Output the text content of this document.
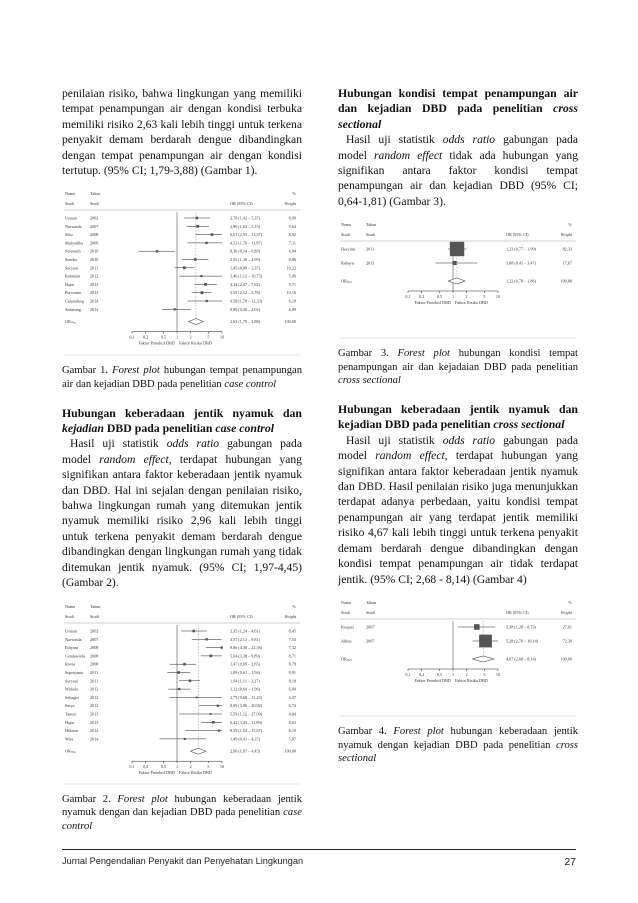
penilaian risiko, bahwa lingkungan yang memiliki tempat penampungan air dengan kondisi terbuka memiliki risiko 2,63 kali lebih tinggi untuk terkena penyakit demam berdarah dengue dibandingkan dengan tempat penampungan air dengan kondisi tertutup. (95% CI; 1,79-3,88) (Gambar 1).

Nama	Tahun	%
Studi	Studi	OR (95% CI)	Weight
Usman	2002	2,76 (1,42 – 5,37)	8,99
Nurwaida 2007	2,90 (1,63 – 5,15)	9,64
Siho	2008	6,01 (2,55 – 13,57)	8,92
Mulyadika 2009	4,53 (1,70 – 11,87)	7,11
Sulamsih 2010	0,36 (0,14 – 0,89)	6,94
Sondra	2010	2,55 (1,30 – 4,99)	8,86
Suryani	2011	1,45 (0,89 – 2,37)	10,22
Rahmian 2012	3,46 (1,12 – 10,75)	5,96
Hajar	2013	4,34 (2,47 – 7,62)	9,71
Purwanto 2013	3,59 (2,12 – 5,76)	10,16
Canandang 2014	4,58 (1,70 – 12,33)	6,18
Sedarung 2014	0,89 (0,46 – 2,02)	6,09
ORₘₐₓ	2,63 (1,79 – 3,88)	100,00
0,1 0,2	0,5 1	2	5 10
Faktor Protektif DBD Faktor Risiko DBD

Gambar 1. Forest plot hubungan tempat penampungan air dan kejadian DBD pada penelitian case control

Hubungan keberadaan jentik nyamuk dan kejadian DBD pada penelitian case control

Hasil uji statistik odds ratio gabungan pada model random effect, terdapat hubungan yang signifikan antara faktor keberadaan jentik nyamuk dan DBD. Hal ini sejalan dengan penilaian risiko, bahwa lingkungan rumah yang ditemukan jentik nyamuk memiliki risiko 2,96 kali lebih tinggi untuk terkena penyakit demam berdarah dengue dibandingkan dengan lingkungan rumah yang tidak ditemukan jentik nyamuk. (95% CI; 1,97-4,45) (Gambar 2).

Nama	Tahun	%
Studi	Studi	OR (95% CI)	Weight
Usman	2002	2,35 (1,24 – 4,61)	8,45
Nurwaida 2007	4,57 (2,13 – 9,81)	7,54
Ediyani	2008	9,86 (4,38 – 22,36)	7,32
Cendawirda 2008	5,64 (3,38 – 9,89)	8,71
Rovia	2008	1,47 (0,69 – 2,65)	8,79
Supriyanto 2011	1,09 (0,61 – 1,94)	8,91
Suryani	2011	1,94 (1,11 – 3,27)	8,18
Widodo	2012	1,12 (0,64 – 1,96)	6,84
Sehagiri	2012	2,75 (0,68 – 11,25)	4,37
Saryo	2012	8,09 (3,06 – 20,92)	6,74
Tamzo	2013	5,59 (1,12 – 27,99)	4,04
Hajar	2013	6,42 (3,43 – 11,89)	8,63
Hidayat	2014	8,59 (1,54 – 15,67)	6,19
Wita	2014	1,49 (0,41 – 4,37)	5,87
ORₘₐₓ	2,96 (1,97 – 4,45)	100,00
0,1 0,2	0,5 1	2	5 10
Faktor Protektif DBD Faktor Risiko DBD

Gambar 2. Forest plot hubungan keberadaan jentik nyamuk dengan dan kejadian DBD pada penelitian case control

Hubungan kondisi tempat penampungan air dan kejadian DBD pada penelitian cross sectional

Hasil uji statistik odds ratio gabungan pada model random effect tidak ada hubungan yang signifikan antara faktor kondisi tempat penampungan air dan kejadian DBD (95% CI; 0,64-1,81) (Gambar 3).

Nama	Tahun	%
Studi	Studi	OR (95% CI)	Weight
Hasyimi	2011	1,23 (0,77 – 1,99)	82,33
Rahayu	2013	1,08 (0,41 – 3,47)	17,67
ORₘₐₓ	1,22 (0,78 – 1,86)	100,00
0,1 0,2	0,5 1	2	5 10
Faktor Protektif DBD Faktor Risiko DBD

Gambar 3. Forest plot hubungan kondisi tempat penampungan air dan kejadaian DBD pada penelitian cross sectional

Hubungan keberadaan jentik nyamuk dan kejadian DBD pada penelitian cross sectional

Hasil uji statistik odds ratio gabungan pada model random effect, terdapat hubungan yang signifikan antara faktor keberadaan jentik nyamuk dan DBD. Hasil penilaian risiko juga menunjukkan terdapat adanya perbedaan, yaitu kondisi tempat penampungan air yang terdapat jentik memiliki risiko 4,67 kali lebih tinggi untuk terkena penyakit demam berdarah dengue dibandingkan dengan kondisi tempat penampungan air tidak terdapat jentik. (95% CI; 2,68 - 8,14) (Gambar 4)

Nama	Tahun	%
Studi	Studi	OR (95% CI)	Weight
Rospati	2007	3,38 (1,28 – 8,73)	27,61
Abbas	2007	5,28 (2,70 – 10,14)	72,39
ORₘₐₓ	4,67 (2,68 – 8,14)	100,00
0,1 0,2	0,5 1	2	5 10
Faktor Protektif DBD Faktor Risiko DBD

Gambar 4. Forest plot hubungan keberadaan jentik nyamuk dengan kejadian DBD pada penelitian cross sectional

Jurnal Pengendalian Penyakit dan Penyehatan Lingkungan	27
